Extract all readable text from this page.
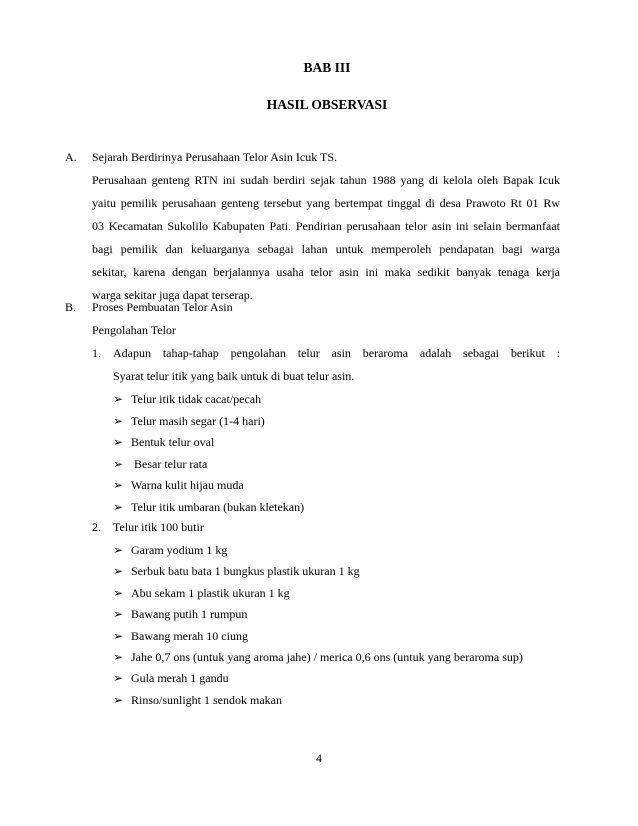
BAB III
HASIL OBSERVASI
A. Sejarah Berdirinya Perusahaan Telor Asin Icuk TS.
Perusahaan genteng RTN ini sudah berdiri sejak tahun 1988 yang di kelola oleh Bapak Icuk
yaitu pemilik perusahaan genteng tersebut yang bertempat tinggal di desa Prawoto Rt 01 Rw
03 Kecamatan Sukolilo Kabupaten Pati. Pendirian perusahaan telor asin ini selain bermanfaat
bagi pemilik dan keluarganya sebagai lahan untuk memperoleh pendapatan bagi warga
sekitar, karena dengan berjalannya usaha telor asin ini maka sedikit banyak tenaga kerja
warga sekitar juga dapat terserap.
B. Proses Pembuatan Telor Asin
Pengolahan Telor
1. Adapun tahap-tahap pengolahan telur asin beraroma adalah sebagai berikut :
Syarat telur itik yang baik untuk di buat telur asin.
➢ Telur itik tidak cacat/pecah
➢ Telur masih segar (1-4 hari)
➢ Bentuk telur oval
➢ Besar telur rata
➢ Warna kulit hijau muda
➢ Telur itik umbaran (bukan kletekan)
2. Telur itik 100 butir
➢ Garam yodium 1 kg
➢ Serbuk batu bata 1 bungkus plastik ukuran 1 kg
➢ Abu sekam 1 plastik ukuran 1 kg
➢ Bawang putih 1 rumpun
➢ Bawang merah 10 ciung
➢ Jahe 0,7 ons (untuk yang aroma jahe) / merica 0,6 ons (untuk yang beraroma sup)
➢ Gula merah 1 gandu
➢ Rinso/sunlight 1 sendok makan
4
